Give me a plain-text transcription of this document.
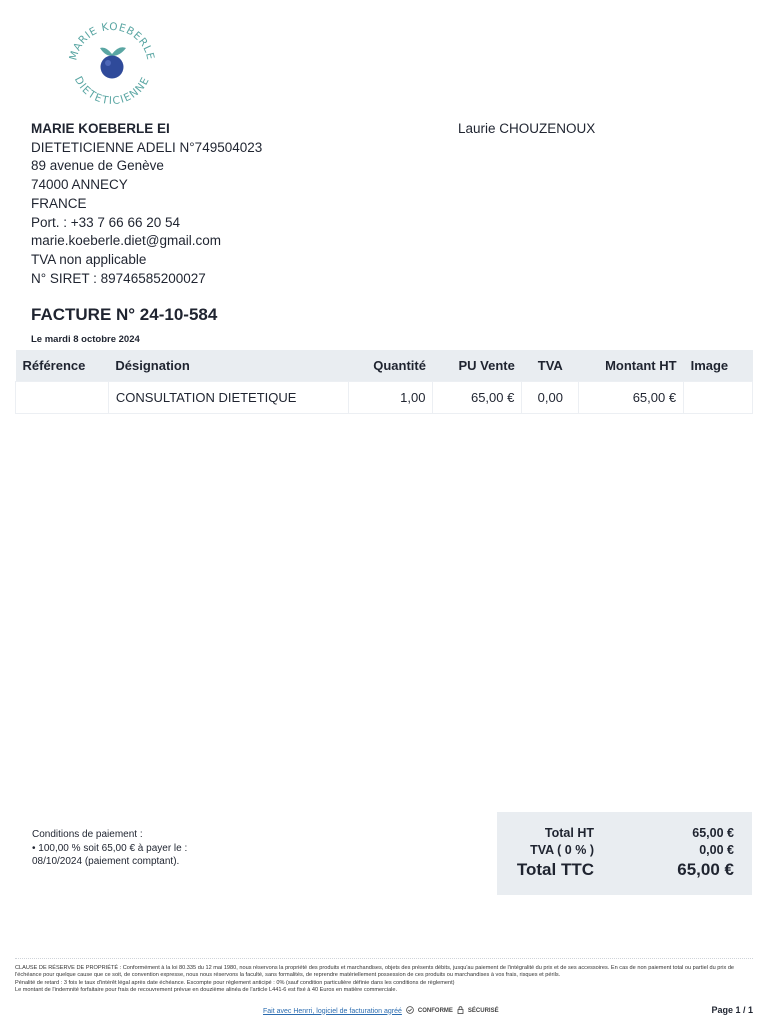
MARIE KOEBERLE
DIETETICIENNE
MARIE KOEBERLE EI
DIETETICIENNE ADELI N°749504023
89 avenue de Genève
74000 ANNECY
FRANCE
Port. : +33 7 66 66 20 54
marie.koeberle.diet@gmail.com
TVA non applicable
N° SIRET : 89746585200027
Laurie CHOUZENOUX
FACTURE N° 24-10-584
Le mardi 8 octobre 2024
Référence	Désignation	Quantité	PU Vente	TVA	Montant HT	Image
	CONSULTATION DIETETIQUE	1,00	65,00 €	0,00	65,00 €	
Conditions de paiement :
• 100,00 % soit 65,00 € à payer le :
08/10/2024 (paiement comptant).
Total HT	65,00 €
TVA ( 0 % )	0,00 €
Total TTC	65,00 €
CLAUSE DE RÉSERVE DE PROPRIÉTÉ : Conformément à la loi 80.335 du 12 mai 1980, nous réservons la propriété des produits et marchandises, objets des présents débits, jusqu'au paiement de l'intégralité du prix et de ses accessoires. En cas de non paiement total ou partiel du prix de l'échéance pour quelque cause que ce soit, de convention expresse, nous nous réservons la faculté, sans formalités, de reprendre matériellement possession de ces produits ou marchandises à vos frais, risques et périls.
Pénalité de retard : 3 fois le taux d'intérêt légal après date échéance. Escompte pour règlement anticipé : 0% (sauf condition particulière définie dans les conditions de règlement)
Le montant de l'indemnité forfaitaire pour frais de recouvrement prévue en douzième alinéa de l'article L441-6 est fixé à 40 Euros en matière commerciale.
Fait avec Henrri, logiciel de facturation agréé	CONFORME	SÉCURISÉ	Page 1 / 1
